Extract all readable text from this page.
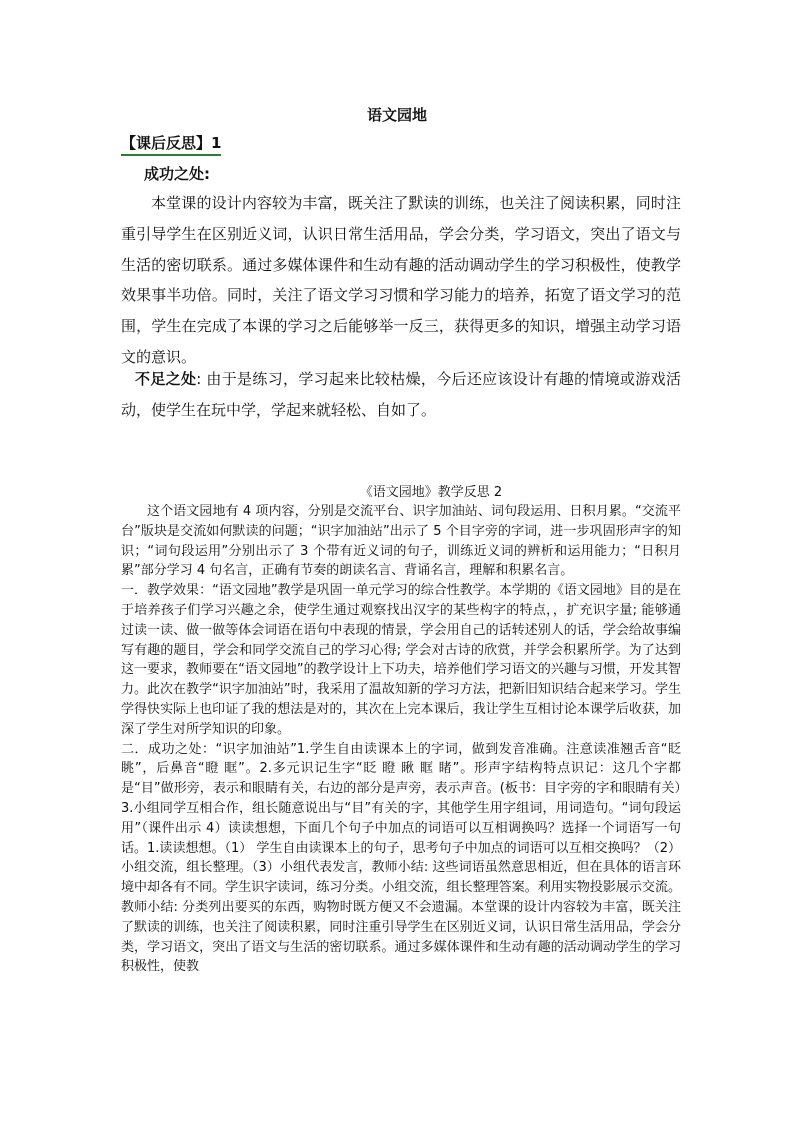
语文园地
【课后反思】1
成功之处:

本堂课的设计内容较为丰富，既关注了默读的训练，也关注了阅读积累，同时注重引导学生在区别近义词，认识日常生活用品，学会分类，学习语文，突出了语文与生活的密切联系。通过多媒体课件和生动有趣的活动调动学生的学习积极性，使教学效果事半功倍。同时，关注了语文学习习惯和学习能力的培养，拓宽了语文学习的范围，学生在完成了本课的学习之后能够举一反三，获得更多的知识，增强主动学习语文的意识。

不足之处: 由于是练习，学习起来比较枯燥，今后还应该设计有趣的情境或游戏活动，使学生在玩中学，学起来就轻松、自如了。

《语文园地》教学反思 2

这个语文园地有 4 项内容，分别是交流平台、识字加油站、词句段运用、日积月累。“交流平台”版块是交流如何默读的问题；“识字加油站”出示了 5 个目字旁的字词，进一步巩固形声字的知识；“词句段运用”分别出示了 3 个带有近义词的句子，训练近义词的辨析和运用能力；“日积月累”部分学习 4 句名言，正确有节奏的朗读名言、背诵名言，理解和积累名言。

一．教学效果：“语文园地”教学是巩固一单元学习的综合性教学。本学期的《语文园地》目的是在于培养孩子们学习兴趣之余，使学生通过观察找出汉字的某些构字的特点，，扩充识字量; 能够通过读一读、做一做等体会词语在语句中表现的情景，学会用自己的话转述别人的话，学会给故事编写有趣的题目，学会和同学交流自己的学习心得; 学会对古诗的欣赏，并学会积累所学。为了达到这一要求，教师要在“语文园地”的教学设计上下功夫，培养他们学习语文的兴趣与习惯，开发其智力。此次在教学“识字加油站”时，我采用了温故知新的学习方法，把新旧知识结合起来学习。学生学得快实际上也印证了我的想法是对的，其次在上完本课后，我让学生互相讨论本课学后收获，加深了学生对所学知识的印象。

二．成功之处：“识字加油站”1.学生自由读课本上的字词，做到发音准确。注意读准翘舌音“眨 眺”，后鼻音“瞪 眶”。2.多元识记生字“眨 瞪 瞅 眶 睹”。形声字结构特点识记：这几个字都是“目”做形旁，表示和眼睛有关，右边的部分是声旁，表示声音。(板书：目字旁的字和眼睛有关）3.小组同学互相合作，组长随意说出与“目”有关的字，其他学生用字组词，用词造句。“词句段运用”（课件出示 4）读读想想，下面几个句子中加点的词语可以互相调换吗？选择一个词语写一句话。1.读读想想。（1） 学生自由读课本上的句子，思考句子中加点的词语可以互相交换吗？（2）小组交流，组长整理。（3）小组代表发言，教师小结: 这些词语虽然意思相近，但在具体的语言环境中却各有不同。学生识字读词，练习分类。小组交流，组长整理答案。利用实物投影展示交流。教师小结: 分类列出要买的东西，购物时既方便又不会遗漏。本堂课的设计内容较为丰富，既关注了默读的训练，也关注了阅读积累，同时注重引导学生在区别近义词，认识日常生活用品，学会分类，学习语文，突出了语文与生活的密切联系。通过多媒体课件和生动有趣的活动调动学生的学习积极性，使教
